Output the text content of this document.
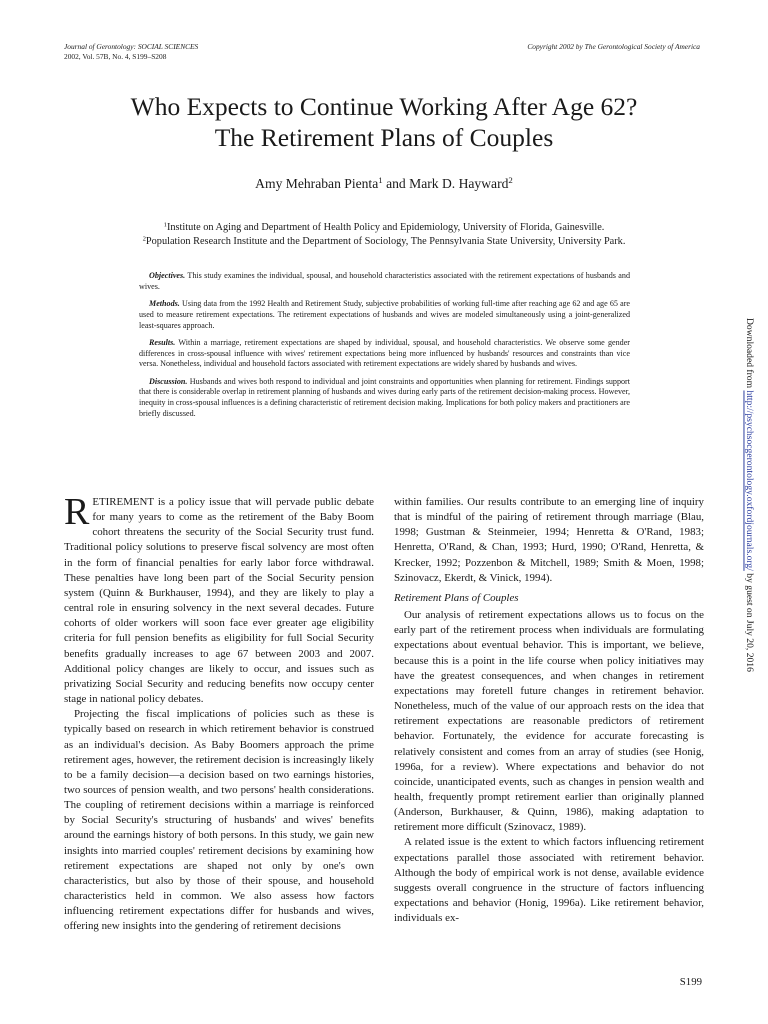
Journal of Gerontology: SOCIAL SCIENCES
2002, Vol. 57B, No. 4, S199–S208
Copyright 2002 by The Gerontological Society of America
Who Expects to Continue Working After Age 62?
The Retirement Plans of Couples
Amy Mehraban Pienta$^1$ and Mark D. Hayward$^2$
$^1$Institute on Aging and Department of Health Policy and Epidemiology, University of Florida, Gainesville.
$^2$Population Research Institute and the Department of Sociology, The Pennsylvania State University, University Park.

Objectives. This study examines the individual, spousal, and household characteristics associated with the retirement expectations of husbands and wives.

Methods. Using data from the 1992 Health and Retirement Study, subjective probabilities of working full-time after reaching age 62 and age 65 are used to measure retirement expectations. The retirement expectations of husbands and wives are modeled simultaneously using a joint-generalized least-squares approach.

Results. Within a marriage, retirement expectations are shaped by individual, spousal, and household characteristics. We observe some gender differences in cross-spousal influence with wives' retirement expectations being more influenced by husbands' resources and constraints than vice versa. Nonetheless, individual and household factors associated with retirement expectations are widely shared by husbands and wives.

Discussion. Husbands and wives both respond to individual and joint constraints and opportunities when planning for retirement. Findings support that there is considerable overlap in retirement planning of husbands and wives during early parts of the retirement decision-making process. However, inequity in cross-spousal influences is a defining characteristic of retirement decision making. Implications for both policy makers and practitioners are briefly discussed.

RETIREMENT is a policy issue that will pervade public debate for many years to come as the retirement of the Baby Boom cohort threatens the security of the Social Security trust fund. Traditional policy solutions to preserve fiscal solvency are most often in the form of financial penalties for early labor force withdrawal. These penalties have long been part of the Social Security pension system (Quinn & Burkhauser, 1994), and they are likely to play a central role in ensuring solvency in the next several decades. Future cohorts of older workers will soon face ever greater age eligibility criteria for full pension benefits as eligibility for full Social Security benefits gradually increases to age 67 between 2003 and 2007. Additional policy changes are likely to occur, and issues such as privatizing Social Security and reducing benefits now occupy center stage in national policy debates.

Projecting the fiscal implications of policies such as these is typically based on research in which retirement behavior is construed as an individual's decision. As Baby Boomers approach the prime retirement ages, however, the retirement decision is increasingly likely to be a family decision—a decision based on two earnings histories, two sources of pension wealth, and two persons' health considerations. The coupling of retirement decisions within a marriage is reinforced by Social Security's structuring of husbands' and wives' benefits around the earnings history of both persons. In this study, we gain new insights into married couples' retirement decisions by examining how retirement expectations are shaped not only by one's own characteristics, but also by those of their spouse, and household characteristics held in common. We also assess how factors influencing retirement expectations differ for husbands and wives, offering new insights into the gendering of retirement decisions

within families. Our results contribute to an emerging line of inquiry that is mindful of the pairing of retirement through marriage (Blau, 1998; Gustman & Steinmeier, 1994; Henretta & O'Rand, 1983; Henretta, O'Rand, & Chan, 1993; Hurd, 1990; O'Rand, Henretta, & Krecker, 1992; Pozzenbon & Mitchell, 1989; Smith & Moen, 1998; Szinovacz, Ekerdt, & Vinick, 1994).

Retirement Plans of Couples

Our analysis of retirement expectations allows us to focus on the early part of the retirement process when individuals are formulating expectations about eventual behavior. This is important, we believe, because this is a point in the life course when policy initiatives may have the greatest consequences, and when changes in retirement expectations may foretell future changes in retirement behavior. Nonetheless, much of the value of our approach rests on the idea that retirement expectations are reasonable predictors of retirement behavior. Fortunately, the evidence for accurate forecasting is relatively consistent and comes from an array of studies (see Honig, 1996a, for a review). Where expectations and behavior do not coincide, unanticipated events, such as changes in pension wealth and health, frequently prompt retirement earlier than originally planned (Anderson, Burkhauser, & Quinn, 1986), making adaptation to retirement more difficult (Szinovacz, 1989).

A related issue is the extent to which factors influencing retirement expectations parallel those associated with retirement behavior. Although the body of empirical work is not dense, available evidence suggests overall congruence in the structure of factors influencing expectations and behavior (Honig, 1996a). Like retirement behavior, individuals ex-

Downloaded from http://psychsocgerontology.oxfordjournals.org/ by guest on July 20, 2016
S199
